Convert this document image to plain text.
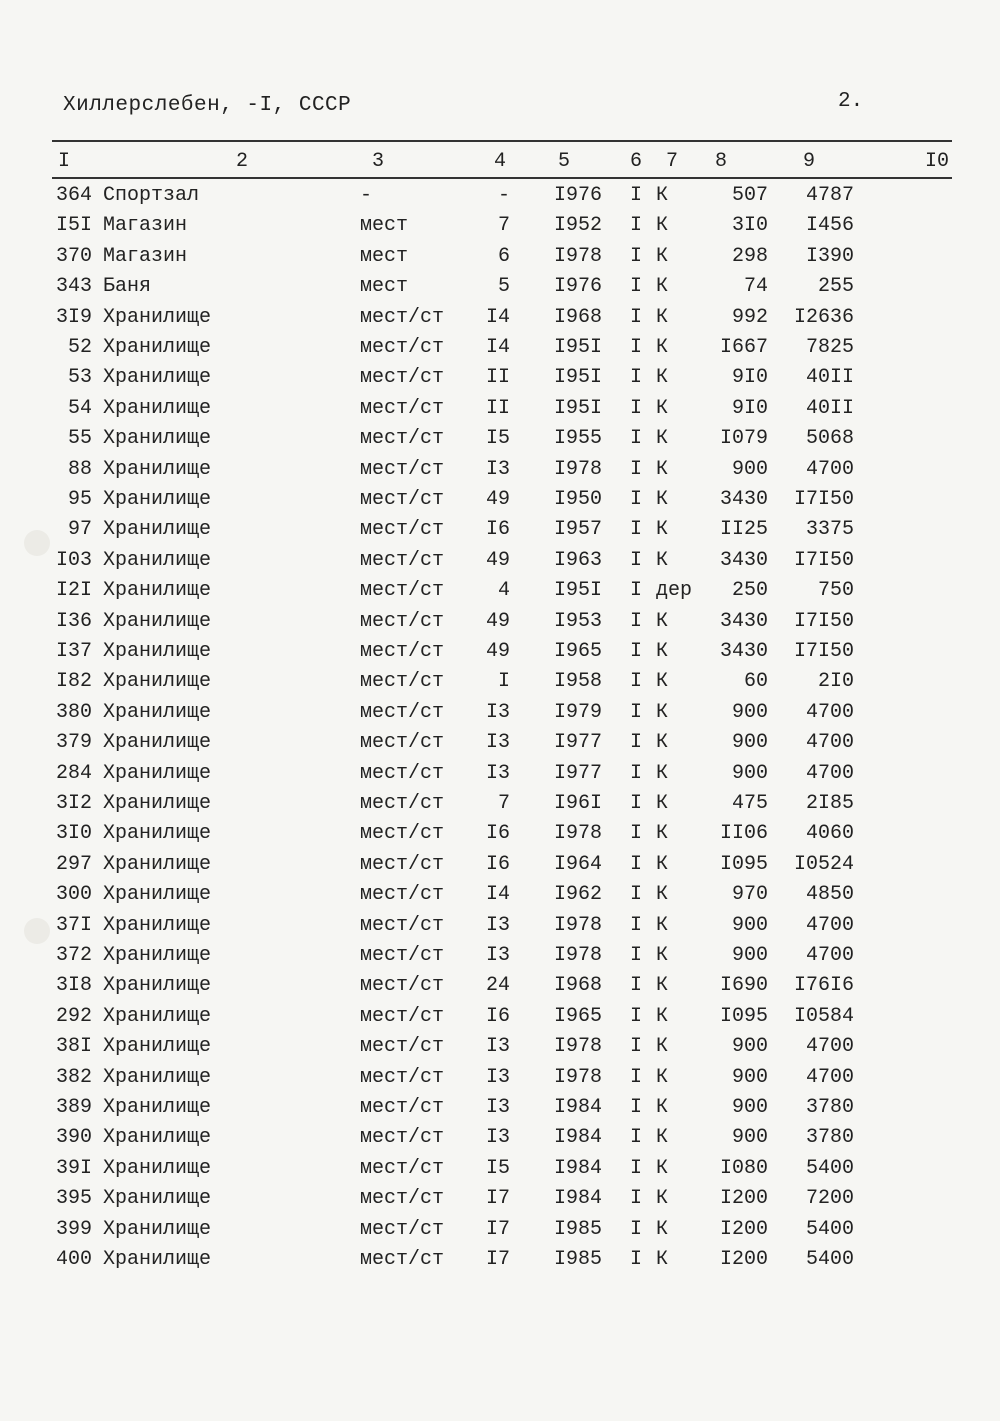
Хиллерслебен, -I, СССР	2.
I	2	3	4	5	6 7 8	9	I0
364 Спортзал	-	- I976 I К	507	4787
I5I Магазин	мест	7 I952 I К	3I0	I456
370 Магазин	мест	6 I978 I К	298	I390
343 Баня	мест	5 I976 I К	74	255
3I9 Хранилище	мест/ст	I4 I968 I К	992 I2636
52 Хранилище	мест/ст	I4 I95I I К	I667	7825
53 Хранилище	мест/ст	II I95I I К	9I0	40II
54 Хранилище	мест/ст	II I95I I К	9I0	40II
55 Хранилище	мест/ст	I5 I955 I К	I079	5068
88 Хранилище	мест/ст	I3 I978 I К	900	4700
95 Хранилище	мест/ст	49 I950 I К	3430 I7I50
97 Хранилище	мест/ст	I6 I957 I К	II25	3375
I03 Хранилище	мест/ст	49 I963 I К	3430 I7I50
I2I Хранилище	мест/ст	4 I95I I дер	250	750
I36 Хранилище	мест/ст	49 I953 I К	3430 I7I50
I37 Хранилище	мест/ст	49 I965 I К	3430 I7I50
I82 Хранилище	мест/ст	I I958 I К	60	2I0
380 Хранилище	мест/ст	I3 I979 I К	900	4700
379 Хранилище	мест/ст	I3 I977 I К	900	4700
284 Хранилище	мест/ст	I3 I977 I К	900	4700
3I2 Хранилище	мест/ст	7 I96I I К	475	2I85
3I0 Хранилище	мест/ст	I6 I978 I К	II06	4060
297 Хранилище	мест/ст	I6 I964 I К	I095 I0524
300 Хранилище	мест/ст	I4 I962 I К	970	4850
37I Хранилище	мест/ст	I3 I978 I К	900	4700
372 Хранилище	мест/ст	I3 I978 I К	900	4700
3I8 Хранилище	мест/ст	24 I968 I К	I690 I76I6
292 Хранилище	мест/ст	I6 I965 I К	I095 I0584
38I Хранилище	мест/ст	I3 I978 I К	900	4700
382 Хранилище	мест/ст	I3 I978 I К	900	4700
389 Хранилище	мест/ст	I3 I984 I К	900	3780
390 Хранилище	мест/ст	I3 I984 I К	900	3780
39I Хранилище	мест/ст	I5 I984 I К	I080	5400
395 Хранилище	мест/ст	I7 I984 I К	I200	7200
399 Хранилище	мест/ст	I7 I985 I К	I200	5400
400 Хранилище	мест/ст	I7 I985 I К	I200	5400
